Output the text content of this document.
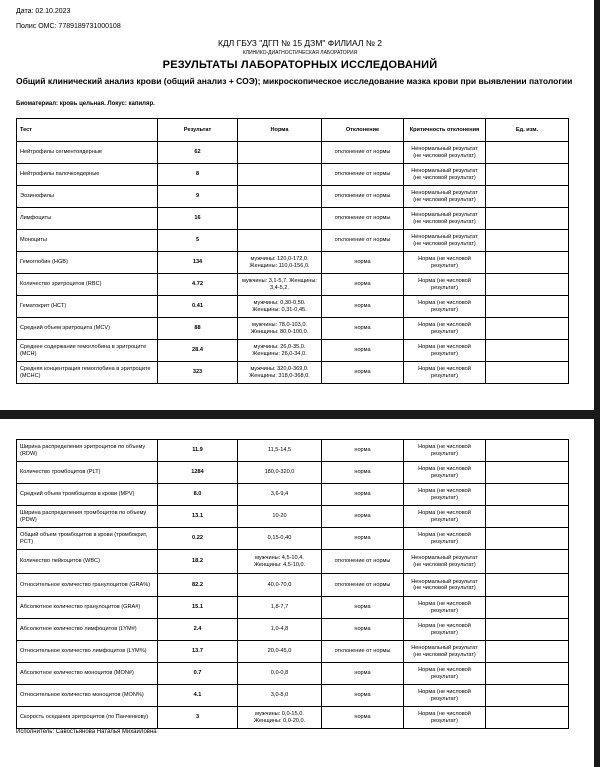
Дата: 02.10.2023
Полис ОМС: 7789189731000108
КДЛ ГБУЗ "ДГП № 15 ДЗМ" ФИЛИАЛ № 2
КЛИНИКО-ДИАГНОСТИЧЕСКАЯ ЛАБОРАТОРИЯ
РЕЗУЛЬТАТЫ ЛАБОРАТОРНЫХ ИССЛЕДОВАНИЙ
Общий клинический анализ крови (общий анализ + СОЭ); микроскопическое исследование мазка крови при выявлении патологии
Биоматериал: кровь цельная. Локус: капиляр.
Тест	Результат	Норма	Отклонение	Критичность отклонения	Ед. изм.
Нейтрофилы сегментоядерные	62		отклонение от нормы	Ненормальный результат (не числовой результат)	
Нейтрофилы палочкоядерные	8		отклонение от нормы	Ненормальный результат (не числовой результат)	
Эозинофилы	9		отклонение от нормы	Ненормальный результат (не числовой результат)	
Лимфоциты	16		отклонение от нормы	Ненормальный результат (не числовой результат)	
Моноциты	5		отклонение от нормы	Ненормальный результат (не числовой результат)	
Гемоглобин (HGB)	134	мужчины: 120,0-172,0. Женщины: 110,0-156,0.	норма	Норма (не числовой результат)	
Количество эритроцитов (RBC)	4.72	мужчины: 3,1-5,7. Женщины: 3,4-5,2.	норма	Норма (не числовой результат)	
Гематокрит (HCT)	0.41	мужчины: 0,30-0,50. Женщины: 0,31-0,45.	норма	Норма (не числовой результат)	
Средний объем эритроцита (MCV)	88	мужчины: 78,0-103,0. Женщины: 80,0-100,0.	норма	Норма (не числовой результат)	
Среднее содержание гемоглобина в эритроците (MCH)	28.4	мужчины: 26,0-35,0. Женщины: 26,0-34,0.	норма	Норма (не числовой результат)	
Средняя концентрация гемоглобина в эритроците (MCHC)	323	мужчины: 320,0-369,0. Женщины: 318,0-368,0.	норма	Норма (не числовой результат)	
Ширина распределения эритроцитов по объему (RDW)	11.9	11,5-14,5	норма	Норма (не числовой результат)	
Количество тромбоцитов (PLT)	1284	180,0-320,0	норма	Норма (не числовой результат)	
Средний объем тромбоцитов в крови (MPV)	8.0	3,6-9,4	норма	Норма (не числовой результат)	
Ширина распределения тромбоцитов по объему (PDW)	13.1	10-20	норма	Норма (не числовой результат)	
Общий объем тромбоцитов в крови (тромбокрит, PCT)	0.22	0,15-0,40	норма	Норма (не числовой результат)	
Количество лейкоцитов (WBC)	18.2	мужчины: 4,5-10,4. Женщины: 4,5-10,0.	отклонение от нормы	Ненормальный результат (не числовой результат)	
Относительное количество гранулоцитов (GRA%)	82.2	40,0-70,0	отклонение от нормы	Ненормальный результат (не числовой результат)	
Абсолютное количество гранулоцитов (GRA#)	15.1	1,8-7,7	норма	Норма (не числовой результат)	
Абсолютное количество лимфоцитов (LYM#)	2.4	1,0-4,8	норма	Норма (не числовой результат)	
Относительное количество лимфоцитов (LYM%)	13.7	20,0-45,0	отклонение от нормы	Ненормальный результат (не числовой результат)	
Абсолютное количество моноцитов (MON#)	0.7	0,0-0,8	норма	Норма (не числовой результат)	
Относительное количество моноцитов (MON%)	4.1	3,0-8,0	норма	Норма (не числовой результат)	
Скорость оседания эритроцитов (по Панченкову)	3	мужчины: 0,0-15,0. Женщины: 0,0-20,0.	норма	Норма (не числовой результат)	
Исполнитель: Савостьянова Наталья Михайловна
